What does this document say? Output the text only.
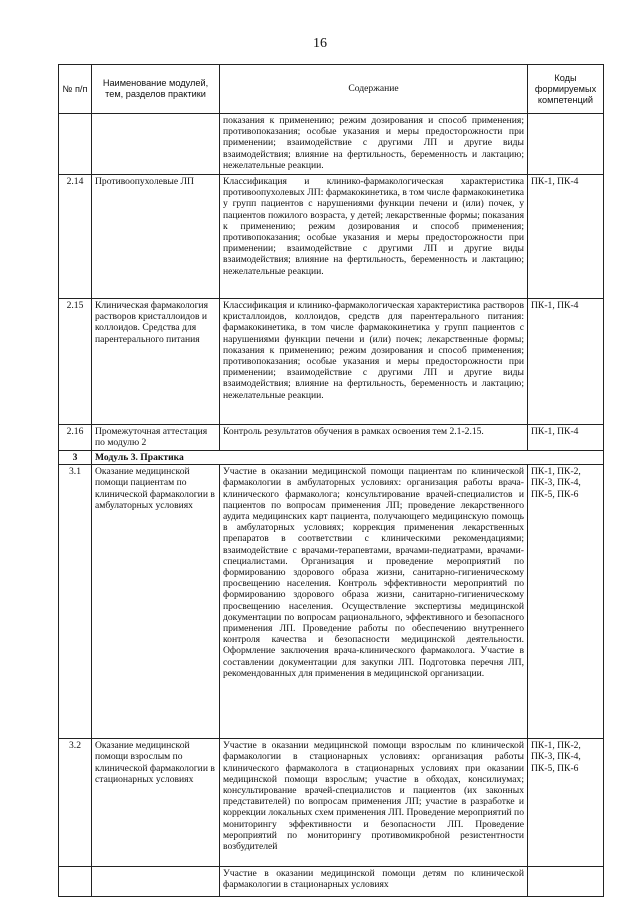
16
№ п/п	Наименование модулей, тем, разделов практики	Содержание	Коды формируемых компетенций
		показания к применению; режим дозирования и способ применения; противопоказания; особые указания и меры предосторожности при применении; взаимодействие с другими ЛП и другие виды взаимодействия; влияние на фертильность, беременность и лактацию; нежелательные реакции.	
2.14	Противоопухолевые ЛП	Классификация и клинико-фармакологическая характеристика противоопухолевых ЛП: фармакокинетика, в том числе фармакокинетика у групп пациентов с нарушениями функции печени и (или) почек, у пациентов пожилого возраста, у детей; лекарственные формы; показания к применению; режим дозирования и способ применения; противопоказания; особые указания и меры предосторожности при применении; взаимодействие с другими ЛП и другие виды взаимодействия; влияние на фертильность, беременность и лактацию; нежелательные реакции.	ПК-1, ПК-4
2.15	Клиническая фармакология растворов кристаллоидов и коллоидов. Средства для парентерального питания	Классификация и клинико-фармакологическая характеристика растворов кристаллоидов, коллоидов, средств для парентерального питания: фармакокинетика, в том числе фармакокинетика у групп пациентов с нарушениями функции печени и (или) почек; лекарственные формы; показания к применению; режим дозирования и способ применения; противопоказания; особые указания и меры предосторожности при применении; взаимодействие с другими ЛП и другие виды взаимодействия; влияние на фертильность, беременность и лактацию; нежелательные реакции.	ПК-1, ПК-4
2.16	Промежуточная аттестация по модулю 2	Контроль результатов обучения в рамках освоения тем 2.1-2.15.	ПК-1, ПК-4
3	Модуль 3. Практика		
3.1	Оказание медицинской помощи пациентам по клинической фармакологии в амбулаторных условиях	Участие в оказании медицинской помощи пациентам по клинической фармакологии в амбулаторных условиях: организация работы врача-клинического фармаколога; консультирование врачей-специалистов и пациентов по вопросам применения ЛП; проведение лекарственного аудита медицинских карт пациента, получающего медицинскую помощь в амбулаторных условиях; коррекция применения лекарственных препаратов в соответствии с клиническими рекомендациями; взаимодействие с врачами-терапевтами, врачами-педиатрами, врачами-специалистами. Организация и проведение мероприятий по формированию здорового образа жизни, санитарно-гигиеническому просвещению населения. Контроль эффективности мероприятий по формированию здорового образа жизни, санитарно-гигиеническому просвещению населения. Осуществление экспертизы медицинской документации по вопросам рационального, эффективного и безопасного применения ЛП. Проведение работы по обеспечению внутреннего контроля качества и безопасности медицинской деятельности. Оформление заключения врача-клинического фармаколога. Участие в составлении документации для закупки ЛП. Подготовка перечня ЛП, рекомендованных для применения в медицинской организации.	ПК-1, ПК-2, ПК-3, ПК-4, ПК-5, ПК-6
3.2	Оказание медицинской помощи взрослым по клинической фармакологии в стационарных условиях	Участие в оказании медицинской помощи взрослым по клинической фармакологии в стационарных условиях: организация работы клинического фармаколога в стационарных условиях при оказании медицинской помощи взрослым; участие в обходах, консилиумах; консультирование врачей-специалистов и пациентов (их законных представителей) по вопросам применения ЛП; участие в разработке и коррекции локальных схем применения ЛП. Проведение мероприятий по мониторингу эффективности и безопасности ЛП. Проведение мероприятий по мониторингу противомикробной резистентности возбудителей	ПК-1, ПК-2, ПК-3, ПК-4, ПК-5, ПК-6
		Участие в оказании медицинской помощи детям по клинической фармакологии в стационарных условиях	
